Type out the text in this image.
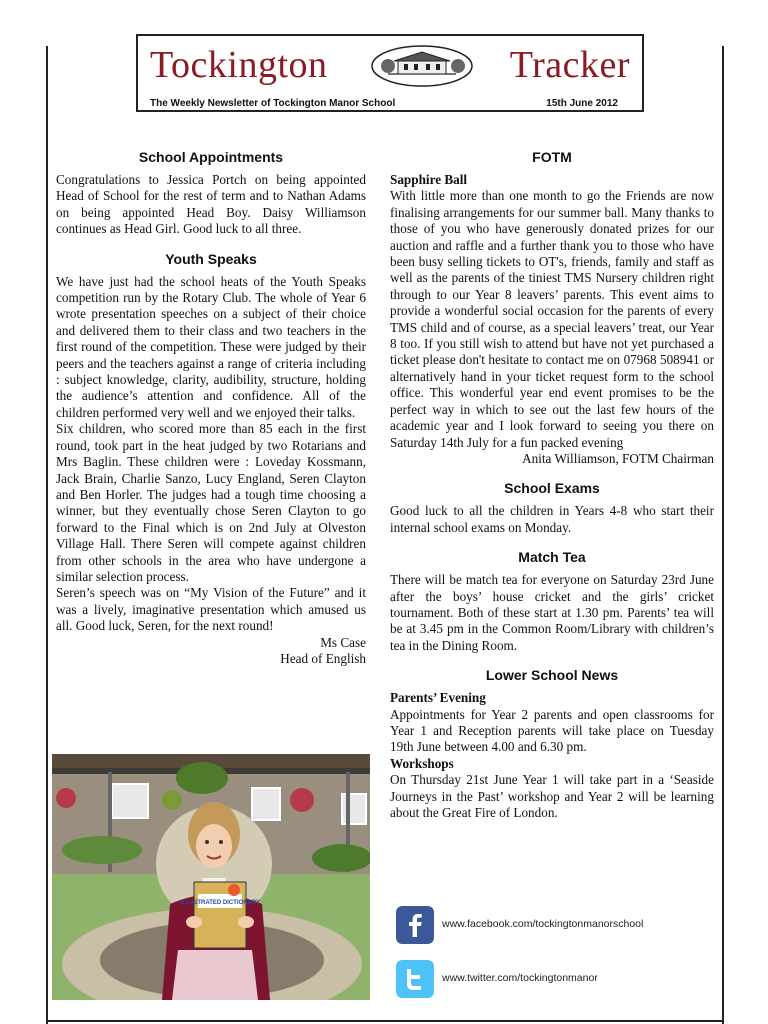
Tockington	Tracker
The Weekly Newsletter of Tockington Manor School	15th June 2012
School Appointments

Congratulations to Jessica Portch on being appointed Head of School for the rest of term and to Nathan Adams on being appointed Head Boy. Daisy Williamson continues as Head Girl. Good luck to all three.

Youth Speaks

We have just had the school heats of the Youth Speaks competition run by the Rotary Club. The whole of Year 6 wrote presentation speeches on a subject of their choice and delivered them to their class and two teachers in the first round of the competition. These were judged by their peers and the teachers against a range of criteria including : subject knowledge, clarity, audibility, structure, holding the audience’s attention and confidence. All of the children performed very well and we enjoyed their talks.

Six children, who scored more than 85 each in the first round, took part in the heat judged by two Rotarians and Mrs Baglin. These children were : Loveday Kossmann, Jack Brain, Charlie Sanzo, Lucy England, Seren Clayton and Ben Horler. The judges had a tough time choosing a winner, but they eventually chose Seren Clayton to go forward to the Final which is on 2nd July at Olveston Village Hall. There Seren will compete against children from other schools in the area who have undergone a similar selection process.

Seren’s speech was on “My Vision of the Future” and it was a lively, imaginative presentation which amused us all. Good luck, Seren, for the next round!

Ms Case
Head of English
ILLUSTRATED DICTIONARY
FOTM
Sapphire Ball

With little more than one month to go the Friends are now finalising arrangements for our summer ball. Many thanks to those of you who have generously donated prizes for our auction and raffle and a further thank you to those who have been busy selling tickets to OT's, friends, family and staff as well as the parents of the tiniest TMS Nursery children right through to our Year 8 leavers’ parents. This event aims to provide a wonderful social occasion for the parents of every TMS child and of course, as a special leavers’ treat, our Year 8 too. If you still wish to attend but have not yet purchased a ticket please don't hesitate to contact me on 07968 508941 or alternatively hand in your ticket request form to the school office. This wonderful year end event promises to be the perfect way in which to see out the last few hours of the academic year and I look forward to seeing you there on Saturday 14th July for a fun packed evening

Anita Williamson, FOTM Chairman
School Exams

Good luck to all the children in Years 4-8 who start their internal school exams on Monday.

Match Tea

There will be match tea for everyone on Saturday 23rd June after the boys’ house cricket and the girls’ cricket tournament. Both of these start at 1.30 pm. Parents’ tea will be at 3.45 pm in the Common Room/Library with children’s tea in the Dining Room.

Lower School News
Parents’ Evening

Appointments for Year 2 parents and open classrooms for Year 1 and Reception parents will take place on Tuesday 19th June between 4.00 and 6.30 pm.

Workshops

On Thursday 21st June Year 1 will take part in a ‘Seaside Journeys in the Past’ workshop and Year 2 will be learning about the Great Fire of London.

www.facebook.com/tockingtonmanorschool
www.twitter.com/tockingtonmanor
